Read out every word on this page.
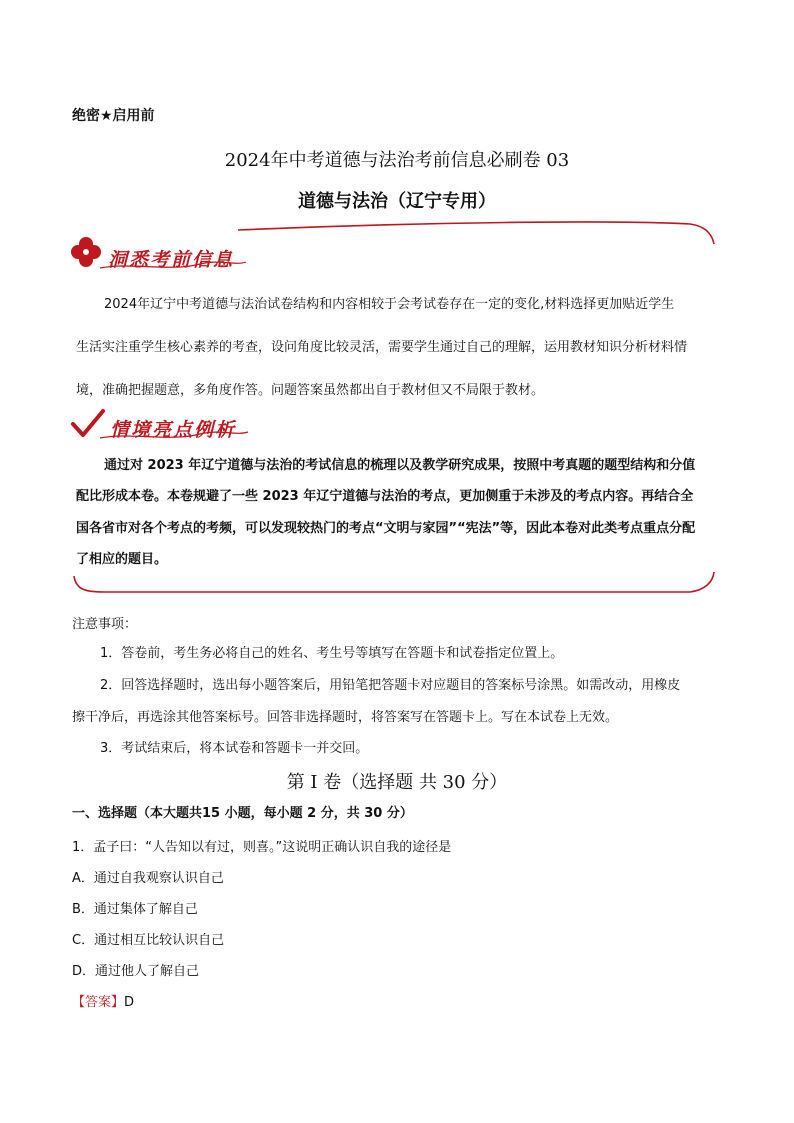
绝密★启用前
2024年中考道德与法治考前信息必刷卷 03
道德与法治（辽宁专用）
洞悉考前信息
2024年辽宁中考道德与法治试卷结构和内容相较于会考试卷存在一定的变化,材料选择更加贴近学生
生活实注重学生核心素养的考查，设问角度比较灵活，需要学生通过自己的理解，运用教材知识分析材料情
境，准确把握题意，多角度作答。问题答案虽然都出自于教材但又不局限于教材。
情境亮点例析
通过对 2023 年辽宁道德与法治的考试信息的梳理以及教学研究成果，按照中考真题的题型结构和分值
配比形成本卷。本卷规避了一些 2023 年辽宁道德与法治的考点，更加侧重于未涉及的考点内容。再结合全
国各省市对各个考点的考频，可以发现较热门的考点“文明与家园”“宪法”等，因此本卷对此类考点重点分配
了相应的题目。
注意事项：
1．答卷前，考生务必将自己的姓名、考生号等填写在答题卡和试卷指定位置上。
2．回答选择题时，选出每小题答案后，用铅笔把答题卡对应题目的答案标号涂黑。如需改动，用橡皮
擦干净后，再选涂其他答案标号。回答非选择题时，将答案写在答题卡上。写在本试卷上无效。
3．考试结束后，将本试卷和答题卡一并交回。
第 I 卷（选择题 共 30 分）
一、选择题（本大题共15 小题，每小题 2 分，共 30 分）
1．孟子曰：“人告知以有过，则喜。”这说明正确认识自我的途径是
A．通过自我观察认识自己
B．通过集体了解自己
C．通过相互比较认识自己
D．通过他人了解自己
【答案】D
